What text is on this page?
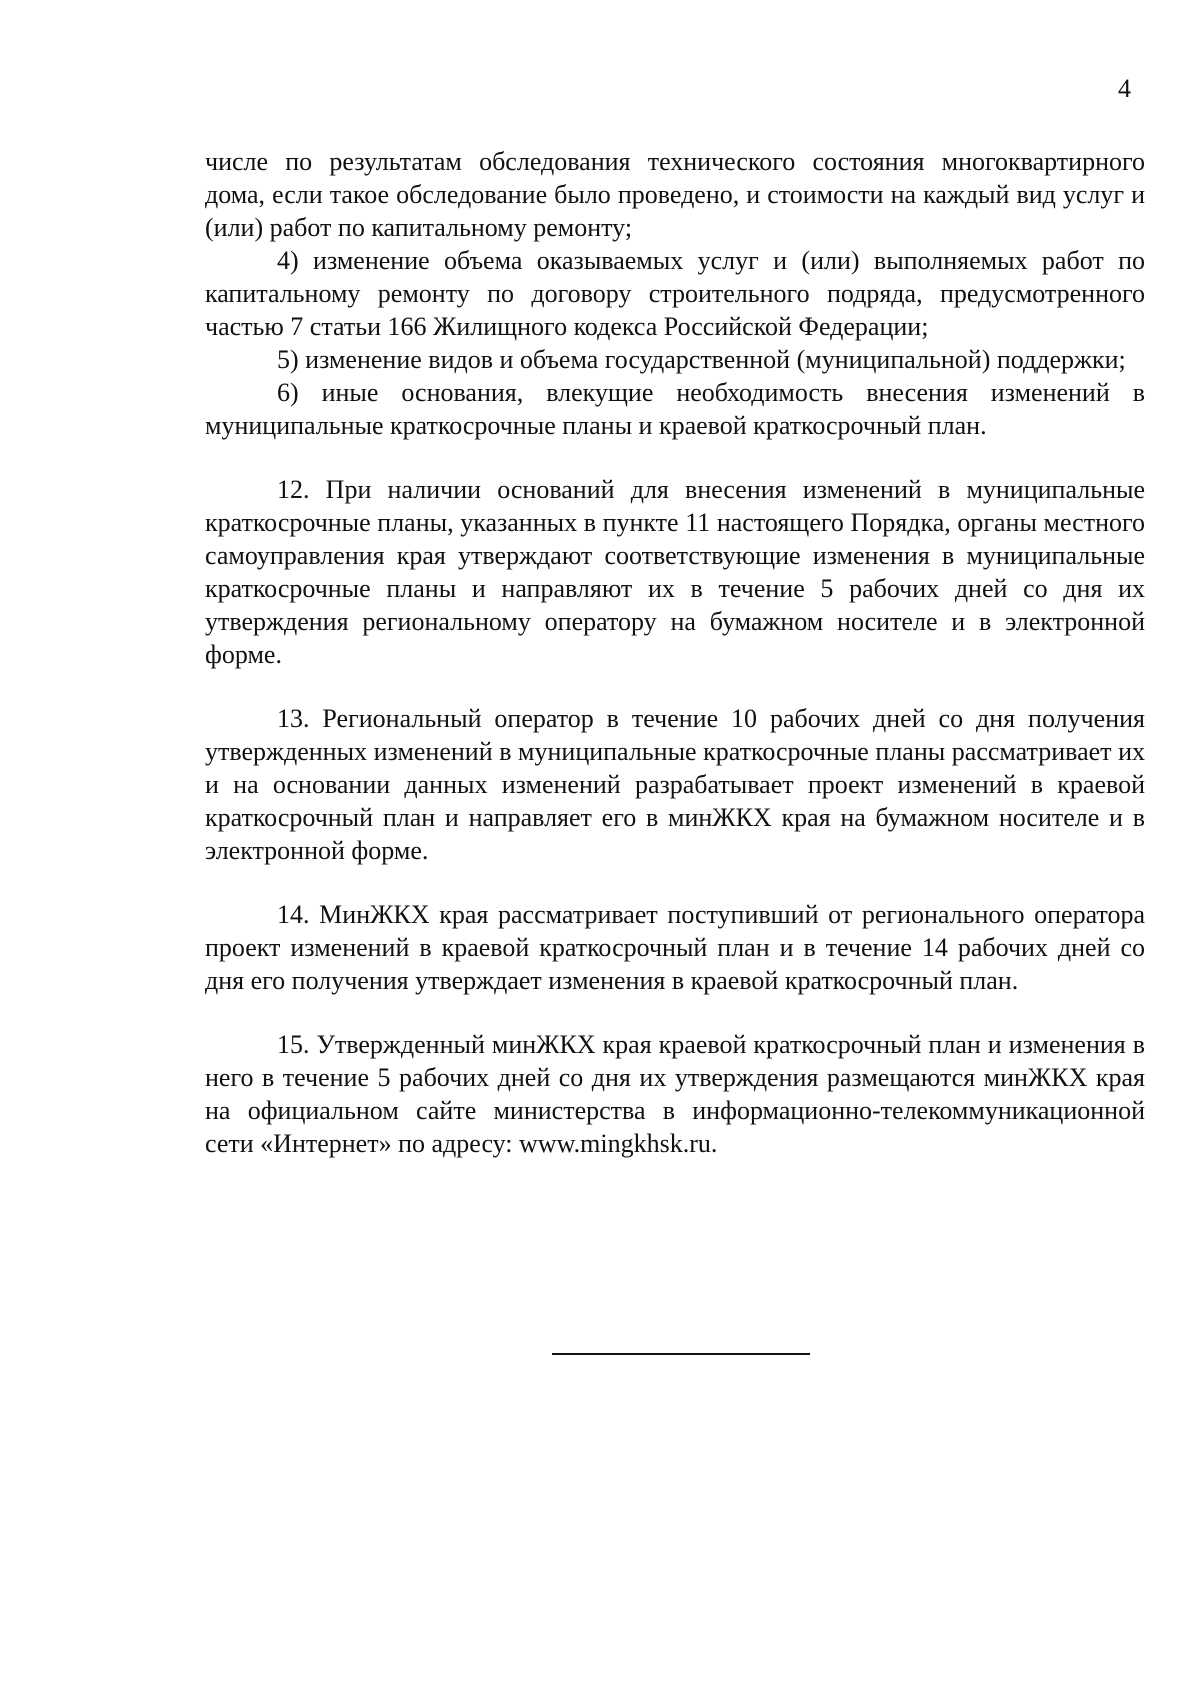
4

числе по результатам обследования технического состояния многоквартирного дома, если такое обследование было проведено, и стоимости на каждый вид услуг и (или) работ по капитальному ремонту;

4) изменение объема оказываемых услуг и (или) выполняемых работ по капитальному ремонту по договору строительного подряда, предусмотренного частью 7 статьи 166 Жилищного кодекса Российской Федерации;

5) изменение видов и объема государственной (муниципальной) поддержки;

6) иные основания, влекущие необходимость внесения изменений в муниципальные краткосрочные планы и краевой краткосрочный план.

12. При наличии оснований для внесения изменений в муниципальные краткосрочные планы, указанных в пункте 11 настоящего Порядка, органы местного самоуправления края утверждают соответствующие изменения в муниципальные краткосрочные планы и направляют их в течение 5 рабочих дней со дня их утверждения региональному оператору на бумажном носителе и в электронной форме.

13. Региональный оператор в течение 10 рабочих дней со дня получения утвержденных изменений в муниципальные краткосрочные планы рассматривает их и на основании данных изменений разрабатывает проект изменений в краевой краткосрочный план и направляет его в минЖКХ края на бумажном носителе и в электронной форме.

14. МинЖКХ края рассматривает поступивший от регионального оператора проект изменений в краевой краткосрочный план и в течение 14 рабочих дней со дня его получения утверждает изменения в краевой краткосрочный план.

15. Утвержденный минЖКХ края краевой краткосрочный план и изменения в него в течение 5 рабочих дней со дня их утверждения размещаются минЖКХ края на официальном сайте министерства в информационно-телекоммуникационной сети «Интернет» по адресу: www.mingkhsk.ru.
